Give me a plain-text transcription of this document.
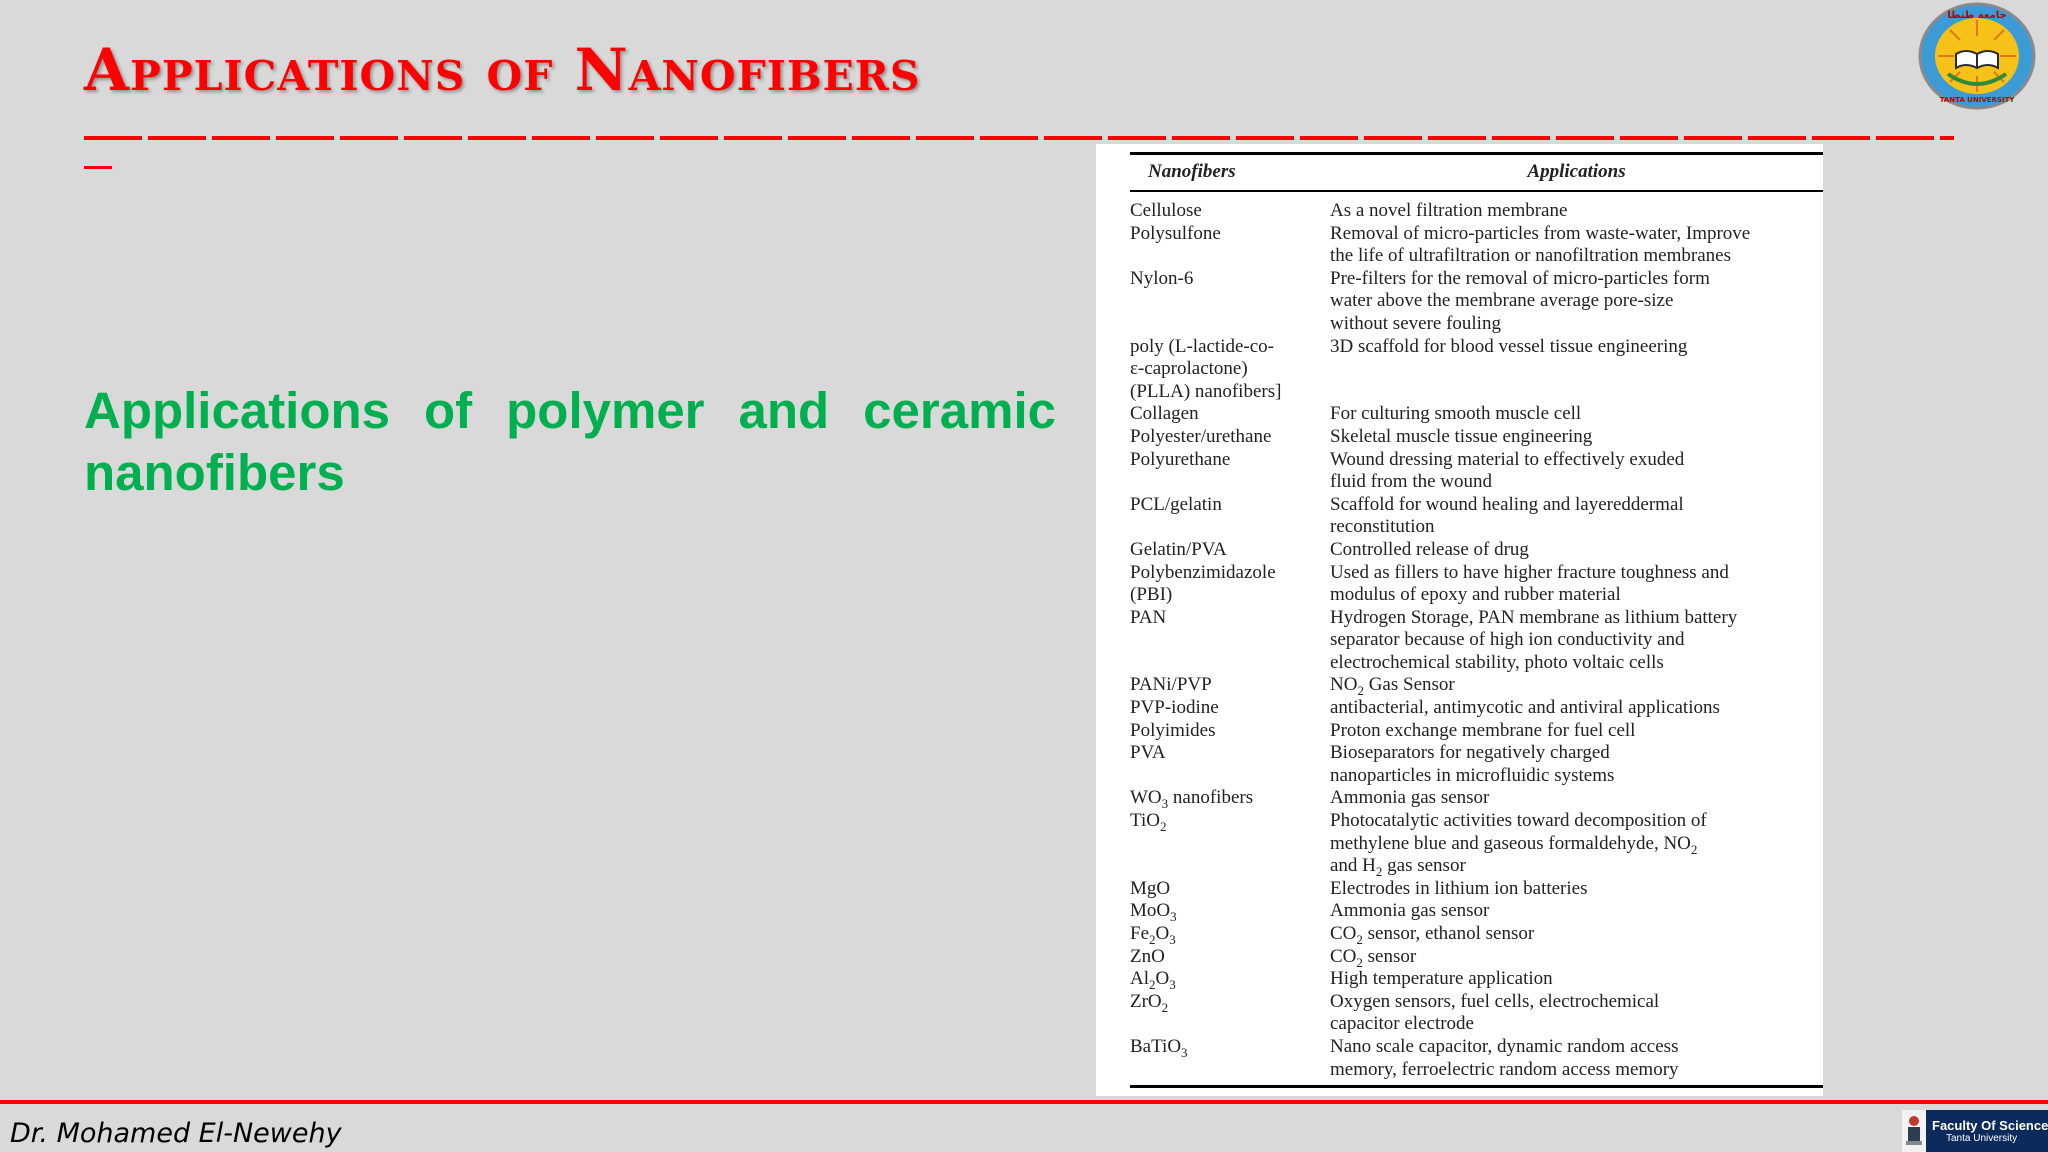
Applications of Nanofibers
جامعة طنطا
TANTA UNIVERSITY

Applications of polymer and ceramic nanofibers

Nanofibers	Applications
Cellulose	As a novel filtration membrane
Polysulfone	Removal of micro-particles from waste-water, Improve
the life of ultrafiltration or nanofiltration membranes
Nylon-6	Pre-filters for the removal of micro-particles form
water above the membrane average pore-size
without severe fouling
poly (L-lactide-co-
ε-caprolactone)
(PLLA) nanofibers]	3D scaffold for blood vessel tissue engineering
Collagen	For culturing smooth muscle cell
Polyester/urethane	Skeletal muscle tissue engineering
Polyurethane	Wound dressing material to effectively exuded
fluid from the wound
PCL/gelatin	Scaffold for wound healing and layereddermal
reconstitution
Gelatin/PVA	Controlled release of drug
Polybenzimidazole
(PBI)	Used as fillers to have higher fracture toughness and
modulus of epoxy and rubber material
PAN	Hydrogen Storage, PAN membrane as lithium battery
separator because of high ion conductivity and
electrochemical stability, photo voltaic cells
PANi/PVP	$NO_2$ Gas Sensor
PVP-iodine	antibacterial, antimycotic and antiviral applications
Polyimides	Proton exchange membrane for fuel cell
PVA	Bioseparators for negatively charged
nanoparticles in microfluidic systems
$WO_3$ nanofibers	Ammonia gas sensor
TiO$_2$	Photocatalytic activities toward decomposition of
methylene blue and gaseous formaldehyde, $NO_2$
and $H_2$ gas sensor
MgO	Electrodes in lithium ion batteries
MoO$_3$	Ammonia gas sensor
$Fe_2O_3$	$CO_2$ sensor, ethanol sensor
ZnO	$CO_2$ sensor
$Al_2O_3$	High temperature application
ZrO$_2$	Oxygen sensors, fuel cells, electrochemical
capacitor electrode
BaTiO$_3$	Nano scale capacitor, dynamic random access
memory, ferroelectric random access memory

Dr. Mohamed El-Newehy	Faculty Of Science
Tanta University
